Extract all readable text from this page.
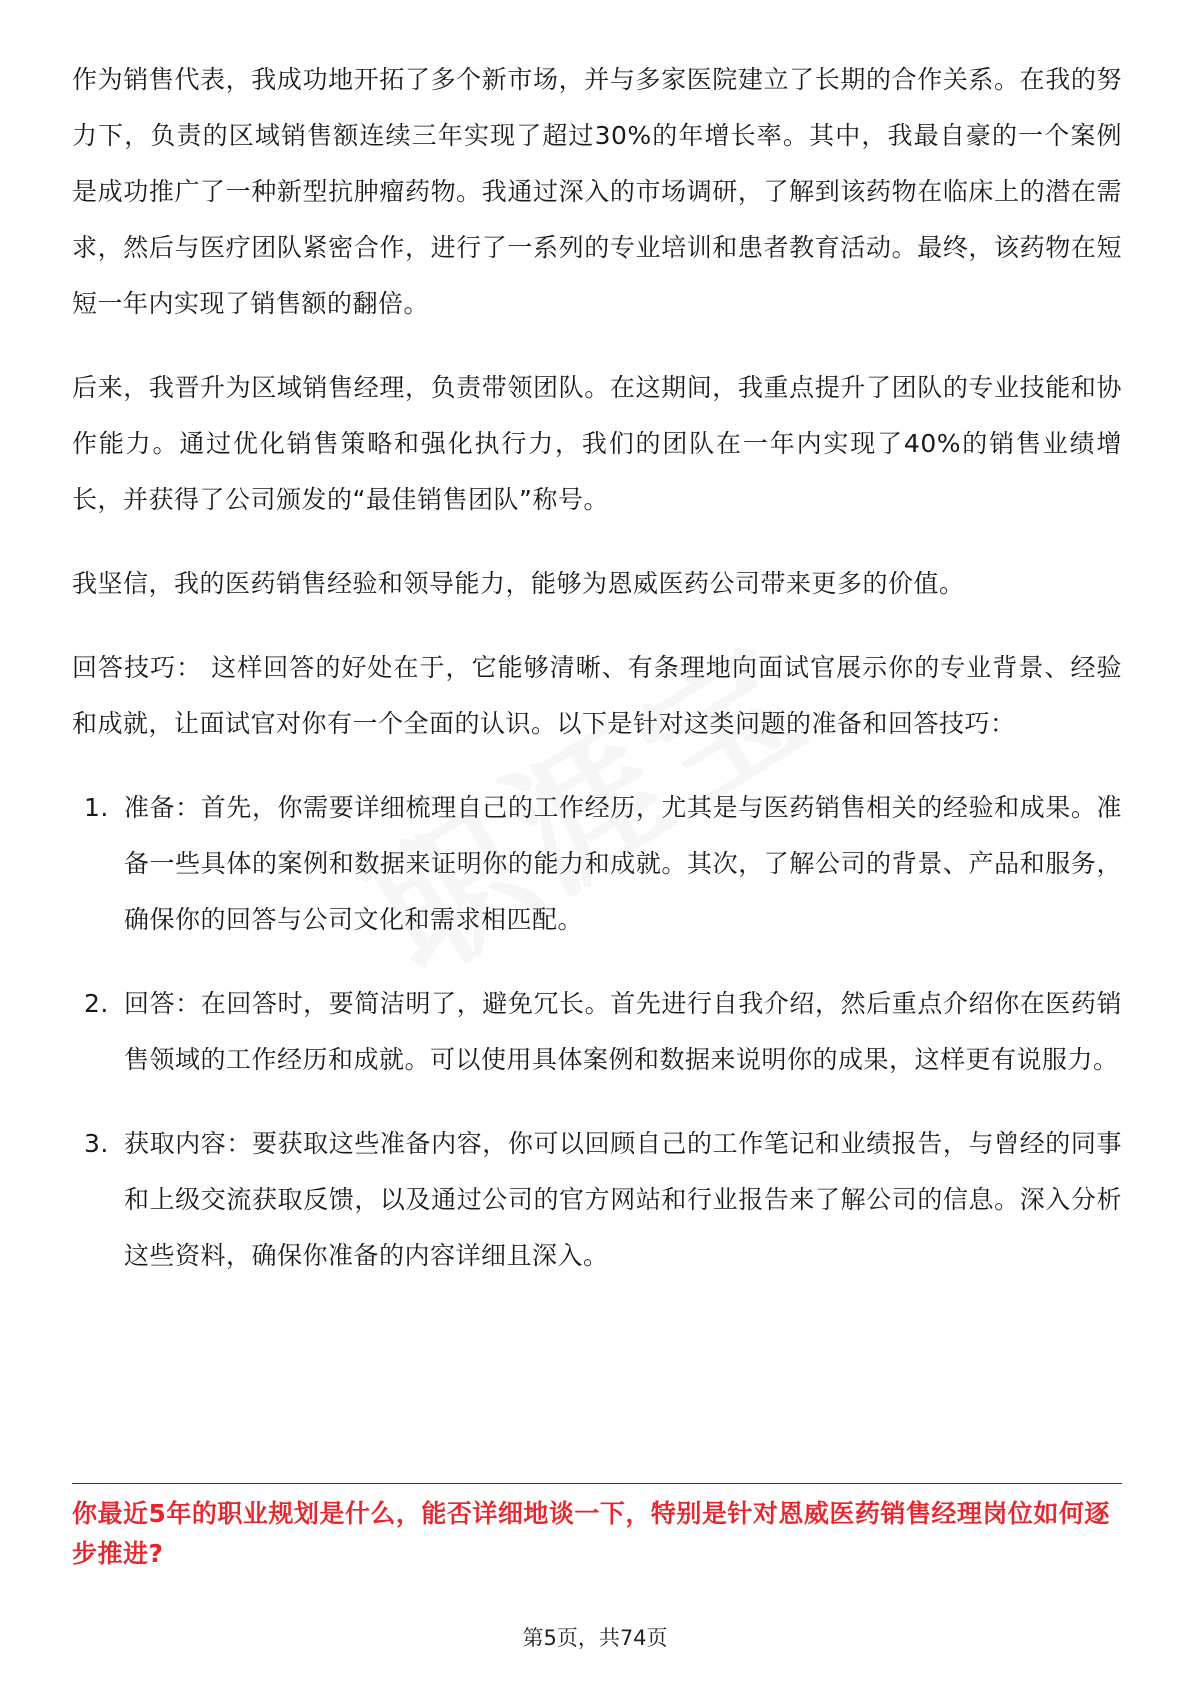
作为销售代表，我成功地开拓了多个新市场，并与多家医院建立了长期的合作关系。在我的努力下，负责的区域销售额连续三年实现了超过30%的年增长率。其中，我最自豪的一个案例是成功推广了一种新型抗肿瘤药物。我通过深入的市场调研，了解到该药物在临床上的潜在需求，然后与医疗团队紧密合作，进行了一系列的专业培训和患者教育活动。最终，该药物在短短一年内实现了销售额的翻倍。

后来，我晋升为区域销售经理，负责带领团队。在这期间，我重点提升了团队的专业技能和协作能力。通过优化销售策略和强化执行力，我们的团队在一年内实现了40%的销售业绩增长，并获得了公司颁发的“最佳销售团队”称号。

我坚信，我的医药销售经验和领导能力，能够为恩威医药公司带来更多的价值。

回答技巧： 这样回答的好处在于，它能够清晰、有条理地向面试官展示你的专业背景、经验和成就，让面试官对你有一个全面的认识。以下是针对这类问题的准备和回答技巧：

1. 准备：首先，你需要详细梳理自己的工作经历，尤其是与医药销售相关的经验和成果。准备一些具体的案例和数据来证明你的能力和成就。其次，了解公司的背景、产品和服务，确保你的回答与公司文化和需求相匹配。
2. 回答：在回答时，要简洁明了，避免冗长。首先进行自我介绍，然后重点介绍你在医药销售领域的工作经历和成就。可以使用具体案例和数据来说明你的成果，这样更有说服力。
3. 获取内容：要获取这些准备内容，你可以回顾自己的工作笔记和业绩报告，与曾经的同事和上级交流获取反馈，以及通过公司的官方网站和行业报告来了解公司的信息。深入分析这些资料，确保你准备的内容详细且深入。
你最近5年的职业规划是什么，能否详细地谈一下，特别是针对恩威医药销售经理岗位如何逐步推进?
第5页，共74页
